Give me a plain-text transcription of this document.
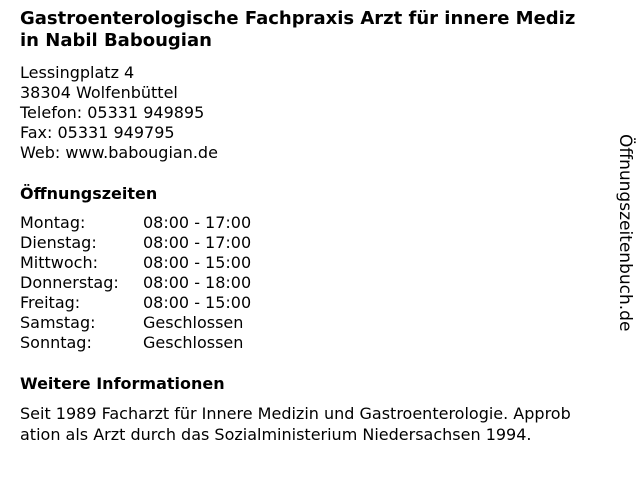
Gastroenterologische Fachpraxis Arzt für innere Mediz
in Nabil Babougian
Lessingplatz 4
38304 Wolfenbüttel
Telefon: 05331 949895
Fax: 05331 949795
Web: www.babougian.de
Öffnungszeiten
Montag:	08:00 - 17:00
Dienstag:	08:00 - 17:00
Mittwoch:	08:00 - 15:00
Donnerstag: 08:00 - 18:00
Freitag:	08:00 - 15:00
Samstag:	Geschlossen
Sonntag:	Geschlossen
Weitere Informationen

Seit 1989 Facharzt für Innere Medizin und Gastroenterologie. Approb
ation als Arzt durch das Sozialministerium Niedersachsen 1994.

Öffnungszeitenbuch.de
